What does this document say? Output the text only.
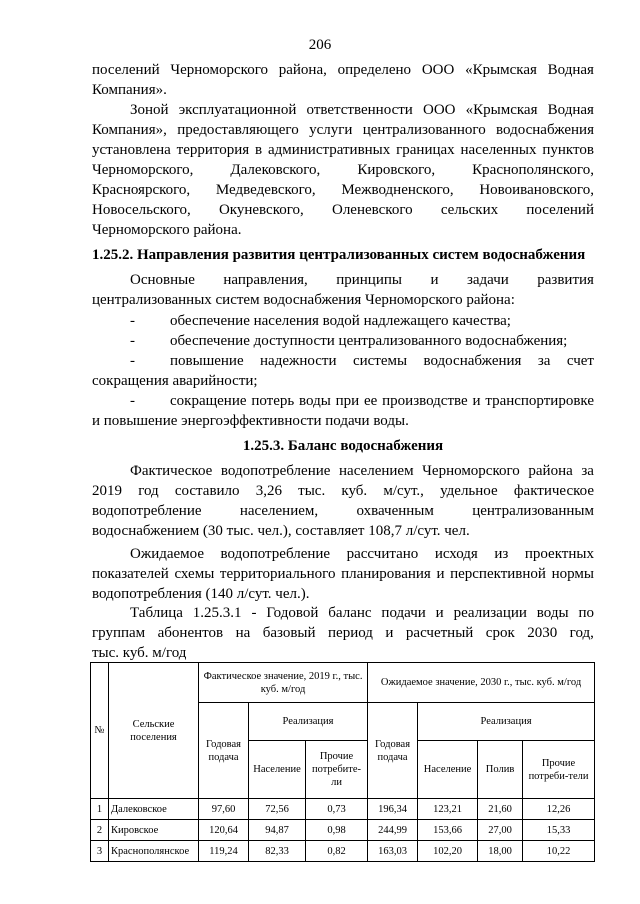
206
поселений Черноморского района, определено ООО «Крымская Водная
Компания».
Зоной эксплуатационной ответственности ООО «Крымская Водная
Компания», предоставляющего услуги централизованного водоснабжения
установлена территория в административных границах населенных пунктов
Черноморского, Далековского, Кировского, Краснополянского,
Красноярского, Медведевского, Межводненского, Новоивановского,
Новосельского, Окуневского, Оленевского сельских поселений
Черноморского района.
1.25.2. Направления развития централизованных систем водоснабжения
Основные направления, принципы и задачи развития
централизованных систем водоснабжения Черноморского района:
- обеспечение населения водой надлежащего качества;
- обеспечение доступности централизованного водоснабжения;
- повышение надежности системы водоснабжения за счет
сокращения аварийности;
- сокращение потерь воды при ее производстве и транспортировке
и повышение энергоэффективности подачи воды.
1.25.3. Баланс водоснабжения
Фактическое водопотребление населением Черноморского района за
2019 год составило 3,26 тыс. куб. м/сут., удельное фактическое
водопотребление	населением,	охваченным	централизованным
водоснабжением (30 тыс. чел.), составляет 108,7 л/сут. чел.
Ожидаемое водопотребление рассчитано исходя из проектных
показателей схемы территориального планирования и перспективной нормы
водопотребления (140 л/сут. чел.).
Таблица 1.25.3.1 - Годовой баланс подачи и реализации воды по
группам абонентов на базовый период и расчетный срок 2030 год,
тыс. куб. м/год
№	Сельские поселения	Фактическое значение, 2019 г., тыс. куб. м/год			Ожидаемое значение, 2030 г., тыс. куб. м/год			
		Годовая подача	Реализация		Годовая подача	Реализация		
			Население	Прочие потребите-ли		Население	Полив	Прочие потреби-тели
1	Далековское	97,60	72,56	0,73	196,34	123,21	21,60	12,26
2	Кировское	120,64	94,87	0,98	244,99	153,66	27,00	15,33
3	Краснополянское	119,24	82,33	0,82	163,03	102,20	18,00	10,22
